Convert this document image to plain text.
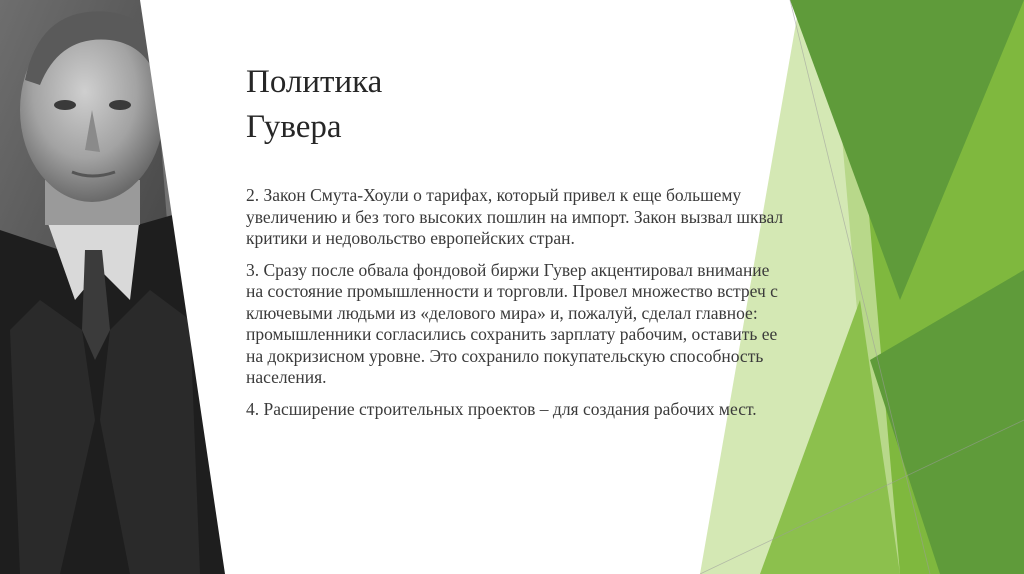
Политика
Гувера

2. Закон Смута-Хоули о тарифах, который привел к еще большему увеличению и без того высоких пошлин на импорт. Закон вызвал шквал критики и недовольство европейских стран.

3. Сразу после обвала фондовой биржи Гувер акцентировал внимание на состояние промышленности и торговли. Провел множество встреч с ключевыми людьми из «делового мира» и, пожалуй, сделал главное: промышленники согласились сохранить зарплату рабочим, оставить ее на докризисном уровне. Это сохранило покупательскую способность населения.

4. Расширение строительных проектов – для создания рабочих мест.
